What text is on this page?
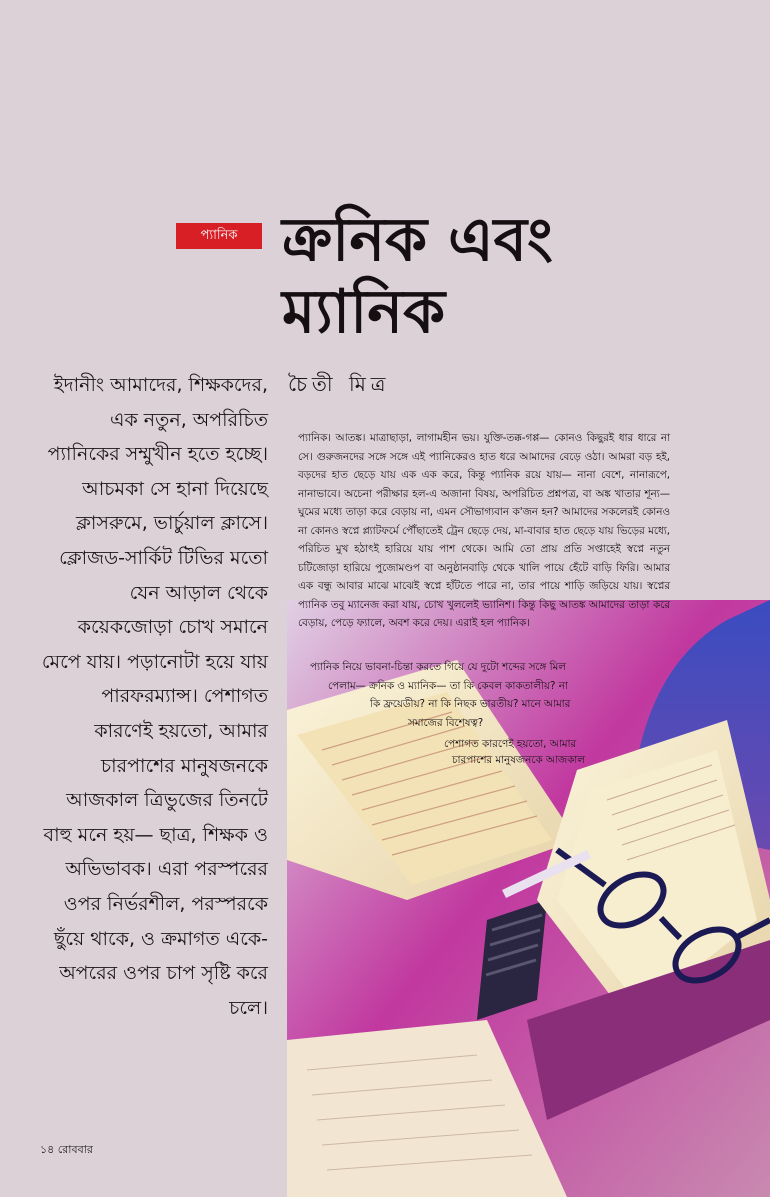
প্যানিক ক্রনিক এবং
ম্যানিক
চৈতী মিত্র

ইদানীং আমাদের, শিক্ষকদের, এক নতুন, অপরিচিত প্যানিকের সম্মুখীন হতে হচ্ছে। আচমকা সে হানা দিয়েছে ক্লাসরুমে, ভার্চুয়াল ক্লাসে। ক্লোজড-সার্কিট টিভির মতো যেন আড়াল থেকে কয়েকজোড়া চোখ সমানে মেপে যায়। পড়ানোটা হয়ে যায় পারফরম্যান্স। পেশাগত কারণেই হয়তো, আমার চারপাশের মানুষজনকে আজকাল ত্রিভুজের তিনটে বাহু মনে হয়— ছাত্র, শিক্ষক ও অভিভাবক। এরা পরস্পরের ওপর নির্ভরশীল, পরস্পরকে ছুঁয়ে থাকে, ও ক্রমাগত একে-অপরের ওপর চাপ সৃষ্টি করে চলে।

প্যানিক। আতঙ্ক। মাত্রাছাড়া, লাগামহীন ভয়। যুক্তি-তক্ক-গপ্প— কোনও কিছুরই ধার ধারে না সে। গুরুজনদের সঙ্গে সঙ্গে এই প্যানিকেরও হাত ধরে আমাদের বেড়ে ওঠা। আমরা বড় হই, বড়দের হাত ছেড়ে যায় এক এক করে, কিন্তু প্যানিক রয়ে যায়— নানা বেশে, নানারূপে, নানাভাবে। অচেনা পরীক্ষার হল-এ অজানা বিষয়, অপরিচিত প্রশ্নপত্র, বা অঙ্ক খাতার শূন্য— ঘুমের মধ্যে তাড়া করে বেড়ায় না, এমন সৌভাগ্যবান ক'জন হন? আমাদের সকলেরই কোনও না কোনও স্বপ্নে প্ল্যাটফর্মে পৌঁছাতেই ট্রেন ছেড়ে দেয়, মা-বাবার হাত ছেড়ে যায় ভিড়ের মধ্যে, পরিচিত মুখ হঠাৎই হারিয়ে যায় পাশ থেকে। আমি তো প্রায় প্রতি সপ্তাহেই স্বপ্নে নতুন চটিজোড়া হারিয়ে পুজোমণ্ডপ বা অনুষ্ঠানবাড়ি থেকে খালি পায়ে হেঁটে বাড়ি ফিরি। আমার এক বন্ধু আবার মাঝে মাঝেই স্বপ্নে হাঁটতে পারে না, তার পায়ে শাড়ি জড়িয়ে যায়। স্বপ্নের প্যানিক তবু ম্যানেজ করা যায়, চোখ খুললেই ভ্যানিশ। কিন্তু কিছু আতঙ্ক আমাদের তাড়া করে বেড়ায়, পেড়ে ফ্যালে, অবশ করে দেয়। এরাই হল প্যানিক।

প্যানিক নিয়ে ভাবনা-চিন্তা করতে গিয়ে যে দুটো শব্দের সঙ্গে মিল

পেলাম— ক্রনিক ও ম্যানিক— তা কি কেবল কাকতালীয়? না

কি ফ্রয়েডীয়? না কি নিছক ভারতীয়? মানে আমার

সমাজের বিশেষত্ব?

পেশাগত কারণেই হয়তো, আমার

চারপাশের মানুষজনকে আজকাল

১৪ রোববার
